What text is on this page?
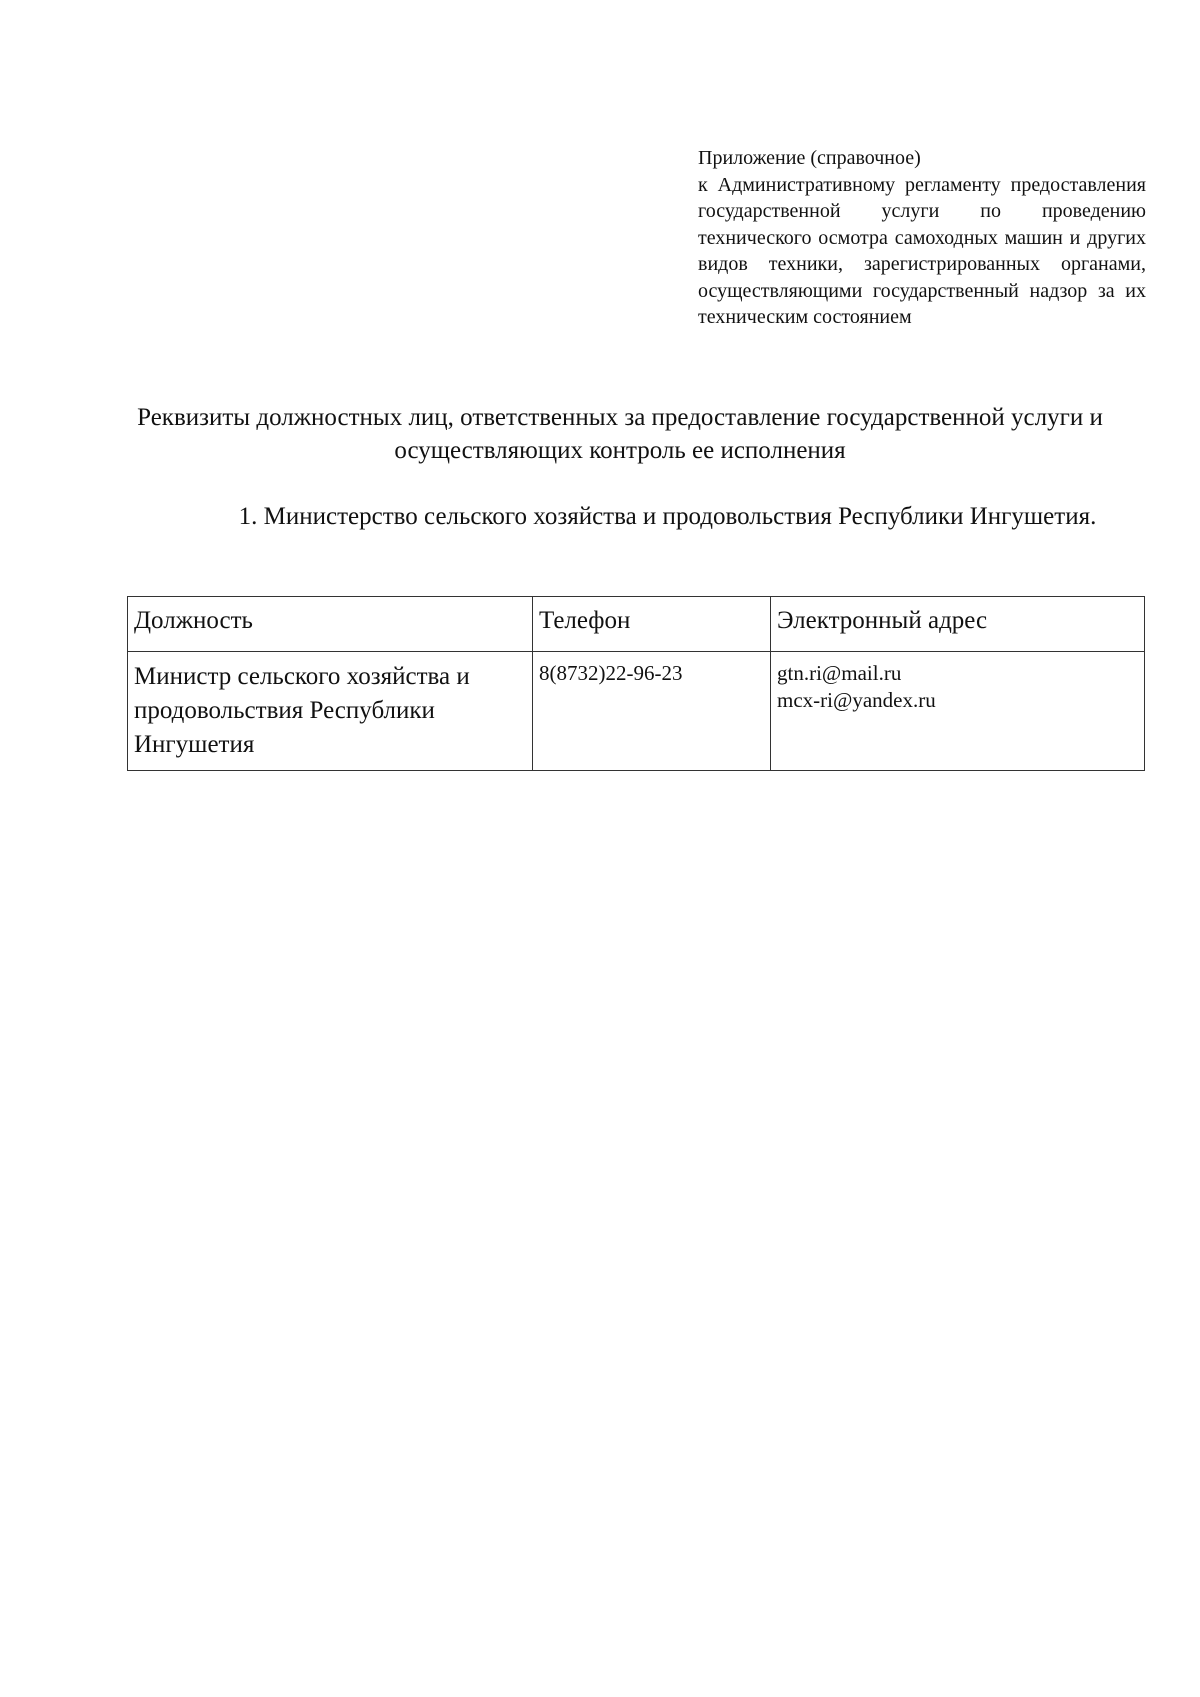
Приложение (справочное)
к Административному регламенту предоставления государственной услуги по проведению технического осмотра самоходных машин и других видов техники, зарегистрированных органами, осуществляющими государственный надзор за их техническим состоянием
Реквизиты должностных лиц, ответственных за предоставление государственной услуги и осуществляющих контроль ее исполнения
1. Министерство сельского хозяйства и продовольствия Республики Ингушетия.
Должность	Телефон	Электронный адрес
Министр сельского хозяйства и продовольствия Республики Ингушетия	8(8732)22-96-23	gtn.ri@mail.ru
mcx-ri@yandex.ru
